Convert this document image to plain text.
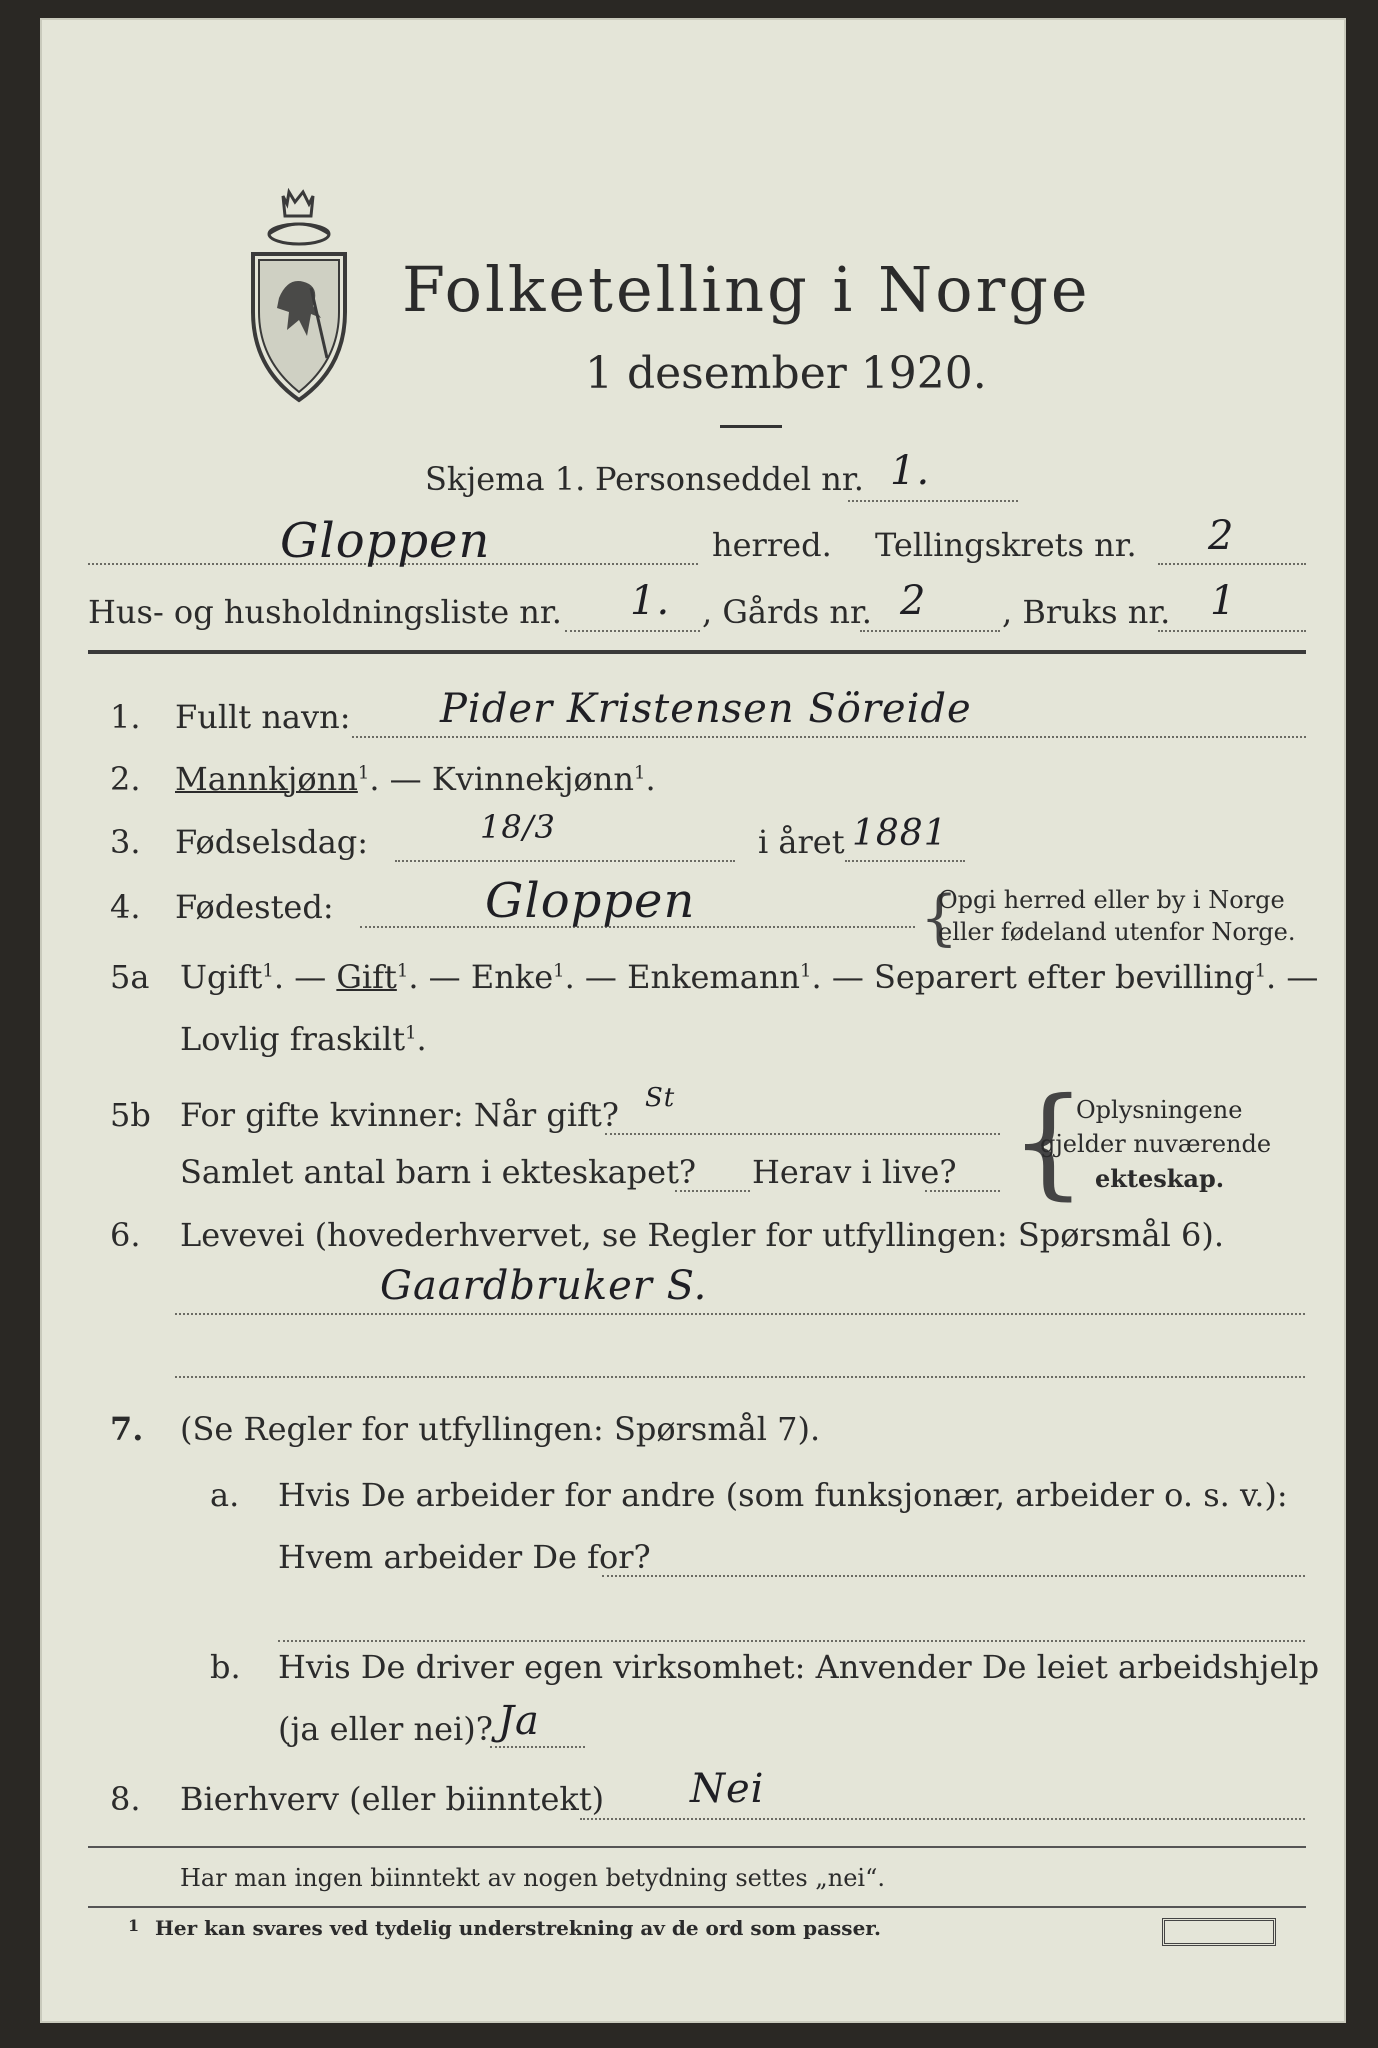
Folketelling i Norge
1 desember 1920.
Skjema 1. Personseddel nr. 1.
Gloppen	herred. Tellingskrets nr. 2
Hus- og husholdningsliste nr. 1. , Gårds nr. 2 , Bruks nr. 1
1. Fullt navn: Pider Kristensen Söreide
2. Mannkjønn$^1$. — Kvinnekjønn$^1$.
3. Fødselsdag:	18/3	i året 1881
4. Fødested:	Gloppen	{
Opgi herred eller by i Norge
eller fødeland utenfor Norge.
5a Ugift$^1$. — Gift$^1$. — Enke$^1$. — Enkemann$^1$. — Separert efter bevilling$^1$. —
Lovlig fraskilt$^1$.
5b For gifte kvinner: Når gift? St
Samlet antal barn i ekteskapet? Herav i live? {
Oplysningene
gjelder nuværende
ekteskap.
6. Levevei (hovederhvervet, se Regler for utfyllingen: Spørsmål 6).
Gaardbruker S.
7. (Se Regler for utfyllingen: Spørsmål 7).
a. Hvis De arbeider for andre (som funksjonær, arbeider o. s. v.):
Hvem arbeider De for?
b. Hvis De driver egen virksomhet: Anvender De leiet arbeidshjelp
(ja eller nei)? Ja
8. Bierhverv (eller biinntekt) Nei
Har man ingen biinntekt av nogen betydning settes „nei“.
1 Her kan svares ved tydelig understrekning av de ord som passer.
